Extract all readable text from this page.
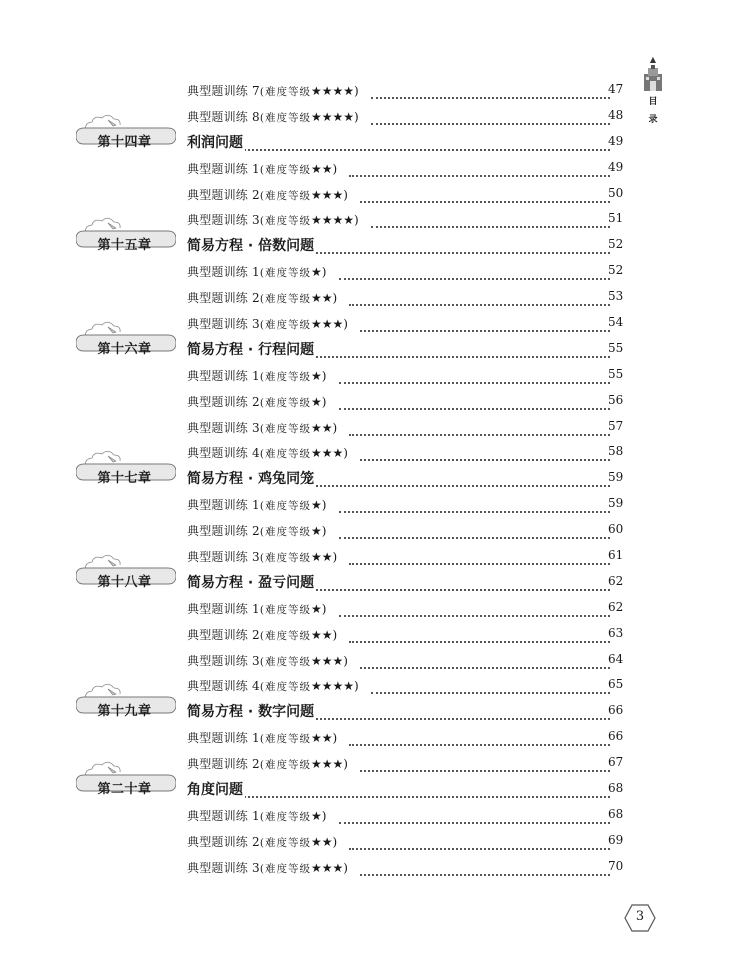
▲
目
录
典型题训练 7(难度等级★★★★)	47
典型题训练 8(难度等级★★★★)	48
第十四章	利润问题	49
典型题训练 1(难度等级★★)	49
典型题训练 2(难度等级★★★)	50
典型题训练 3(难度等级★★★★)	51
第十五章	简易方程 · 倍数问题	52
典型题训练 1(难度等级★)	52
典型题训练 2(难度等级★★)	53
典型题训练 3(难度等级★★★)	54
第十六章	简易方程 · 行程问题	55
典型题训练 1(难度等级★)	55
典型题训练 2(难度等级★)	56
典型题训练 3(难度等级★★)	57
典型题训练 4(难度等级★★★)	58
第十七章	简易方程 · 鸡兔同笼	59
典型题训练 1(难度等级★)	59
典型题训练 2(难度等级★)	60
典型题训练 3(难度等级★★)	61
第十八章	简易方程 · 盈亏问题	62
典型题训练 1(难度等级★)	62
典型题训练 2(难度等级★★)	63
典型题训练 3(难度等级★★★)	64
典型题训练 4(难度等级★★★★)	65
第十九章	简易方程 · 数字问题	66
典型题训练 1(难度等级★★)	66
典型题训练 2(难度等级★★★)	67
第二十章	角度问题	68
典型题训练 1(难度等级★)	68
典型题训练 2(难度等级★★)	69
典型题训练 3(难度等级★★★)	70
3
